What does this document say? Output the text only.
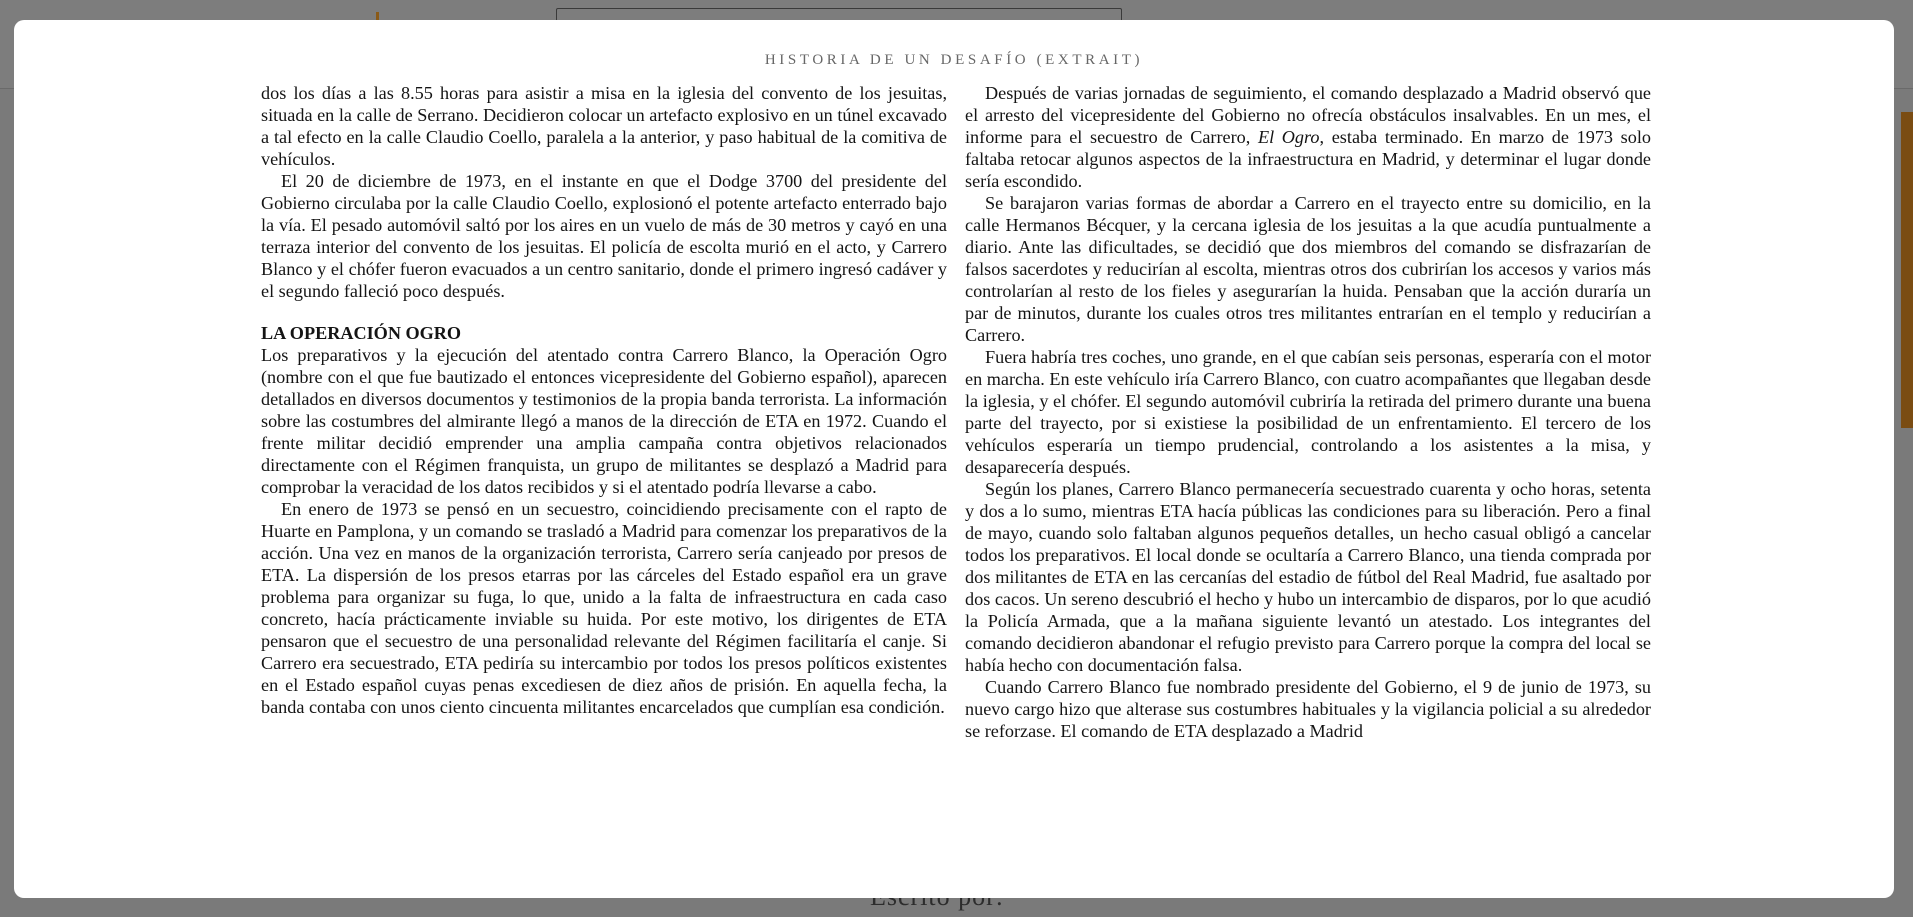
HISTORIA DE UN DESAFÍO (EXTRAIT)

dos los días a las 8.55 horas para asistir a misa en la iglesia del convento de los jesuitas, situada en la calle de Serrano. Decidieron colocar un artefacto explosivo en un túnel excavado a tal efecto en la calle Claudio Coello, paralela a la anterior, y paso habitual de la comitiva de vehículos.

El 20 de diciembre de 1973, en el instante en que el Dodge 3700 del presidente del Gobierno circulaba por la calle Claudio Coello, explosionó el potente artefacto enterrado bajo la vía. El pesado automóvil saltó por los aires en un vuelo de más de 30 metros y cayó en una terraza interior del convento de los jesuitas. El policía de escolta murió en el acto, y Carrero Blanco y el chófer fueron evacuados a un centro sanitario, donde el primero ingresó cadáver y el segundo falleció poco después.

LA OPERACIÓN OGRO

Los preparativos y la ejecución del atentado contra Carrero Blanco, la Operación Ogro (nombre con el que fue bautizado el entonces vicepresidente del Gobierno español), aparecen detallados en diversos documentos y testimonios de la propia banda terrorista. La información sobre las costumbres del almirante llegó a manos de la dirección de ETA en 1972. Cuando el frente militar decidió emprender una amplia campaña contra objetivos relacionados directamente con el Régimen franquista, un grupo de militantes se desplazó a Madrid para comprobar la veracidad de los datos recibidos y si el atentado podría llevarse a cabo.

En enero de 1973 se pensó en un secuestro, coincidiendo precisamente con el rapto de Huarte en Pamplona, y un comando se trasladó a Madrid para comenzar los preparativos de la acción. Una vez en manos de la organización terrorista, Carrero sería canjeado por presos de ETA. La dispersión de los presos etarras por las cárceles del Estado español era un grave problema para organizar su fuga, lo que, unido a la falta de infraestructura en cada caso concreto, hacía prácticamente inviable su huida. Por este motivo, los dirigentes de ETA pensaron que el secuestro de una personalidad relevante del Régimen facilitaría el canje. Si Carrero era secuestrado, ETA pediría su intercambio por todos los presos políticos existentes en el Estado español cuyas penas excediesen de diez años de prisión. En aquella fecha, la banda contaba con unos ciento cincuenta militantes encarcelados que cumplían esa condición.

Después de varias jornadas de seguimiento, el comando desplazado a Madrid observó que el arresto del vicepresidente del Gobierno no ofrecía obstáculos insalvables. En un mes, el informe para el secuestro de Carrero, El Ogro, estaba terminado. En marzo de 1973 solo faltaba retocar algunos aspectos de la infraestructura en Madrid, y determinar el lugar donde sería escondido.

Se barajaron varias formas de abordar a Carrero en el trayecto entre su domicilio, en la calle Hermanos Bécquer, y la cercana iglesia de los jesuitas a la que acudía puntualmente a diario. Ante las dificultades, se decidió que dos miembros del comando se disfrazarían de falsos sacerdotes y reducirían al escolta, mientras otros dos cubrirían los accesos y varios más controlarían al resto de los fieles y asegurarían la huida. Pensaban que la acción duraría un par de minutos, durante los cuales otros tres militantes entrarían en el templo y reducirían a Carrero.

Fuera habría tres coches, uno grande, en el que cabían seis personas, esperaría con el motor en marcha. En este vehículo iría Carrero Blanco, con cuatro acompañantes que llegaban desde la iglesia, y el chófer. El segundo automóvil cubriría la retirada del primero durante una buena parte del trayecto, por si existiese la posibilidad de un enfrentamiento. El tercero de los vehículos esperaría un tiempo prudencial, controlando a los asistentes a la misa, y desaparecería después.

Según los planes, Carrero Blanco permanecería secuestrado cuarenta y ocho horas, setenta y dos a lo sumo, mientras ETA hacía públicas las condiciones para su liberación. Pero a final de mayo, cuando solo faltaban algunos pequeños detalles, un hecho casual obligó a cancelar todos los preparativos. El local donde se ocultaría a Carrero Blanco, una tienda comprada por dos militantes de ETA en las cercanías del estadio de fútbol del Real Madrid, fue asaltado por dos cacos. Un sereno descubrió el hecho y hubo un intercambio de disparos, por lo que acudió la Policía Armada, que a la mañana siguiente levantó un atestado. Los integrantes del comando decidieron abandonar el refugio previsto para Carrero porque la compra del local se había hecho con documentación falsa.

Cuando Carrero Blanco fue nombrado presidente del Gobierno, el 9 de junio de 1973, su nuevo cargo hizo que alterase sus costumbres habituales y la vigilancia policial a su alrededor se reforzase. El comando de ETA desplazado a Madrid
